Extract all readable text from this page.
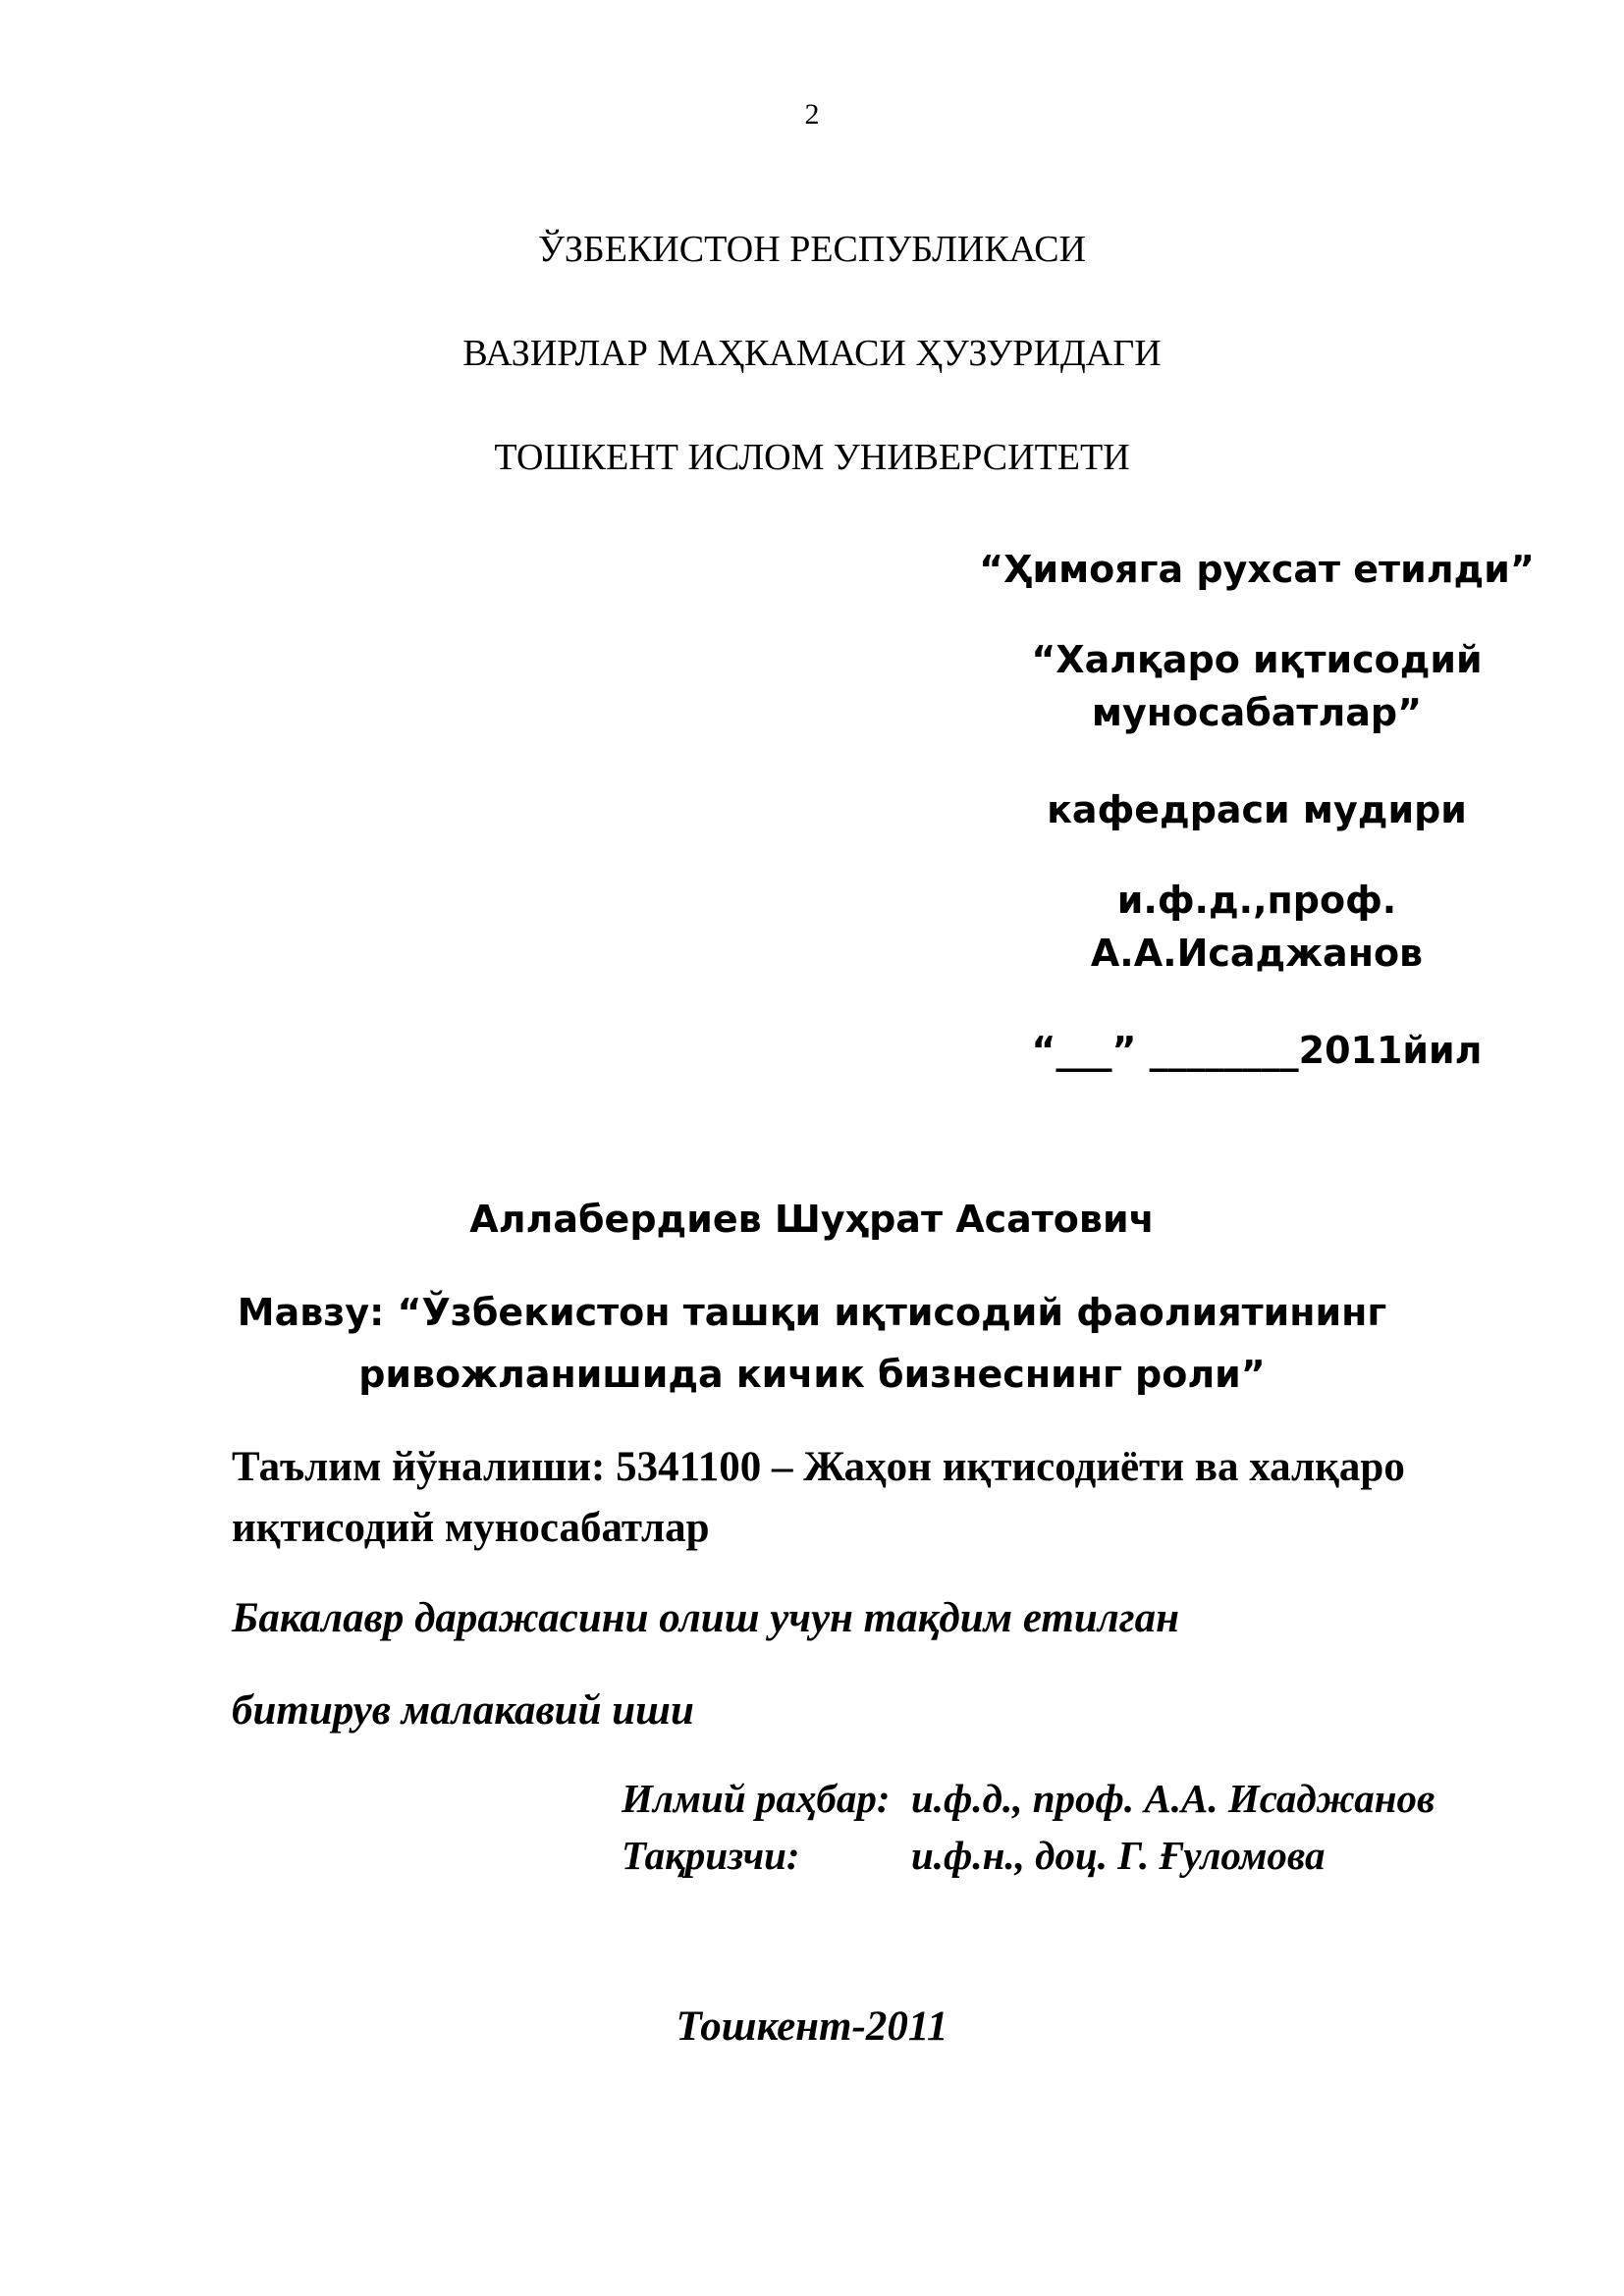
2
ЎЗБЕКИСТОН РЕСПУБЛИКАСИ
ВАЗИРЛАР МАҲКАМАСИ ҲУЗУРИДАГИ
ТОШКЕНТ ИСЛОМ УНИВЕРСИТЕТИ
“Ҳимояга рухсат етилди”
“Халқаро иқтисодий
муносабатлар”
кафедраси мудири
и.ф.д.,проф.
А.А.Исаджанов
“___” ________2011йил
Аллабердиев Шуҳрат Асатович
Мавзу: “Ўзбекистон ташқи иқтисодий фаолиятининг
ривожланишида кичик бизнеснинг роли”
Таълим йўналиши: 5341100 – Жаҳон иқтисодиёти ва халқаро
иқтисодий муносабатлар
Бакалавр даражасини олиш учун тақдим етилган
битирув малакавий иши
Илмий раҳбар: и.ф.д., проф. А.А. Исаджанов
Тақризчи:	и.ф.н., доц. Г. Ғуломова
Тошкент-2011
